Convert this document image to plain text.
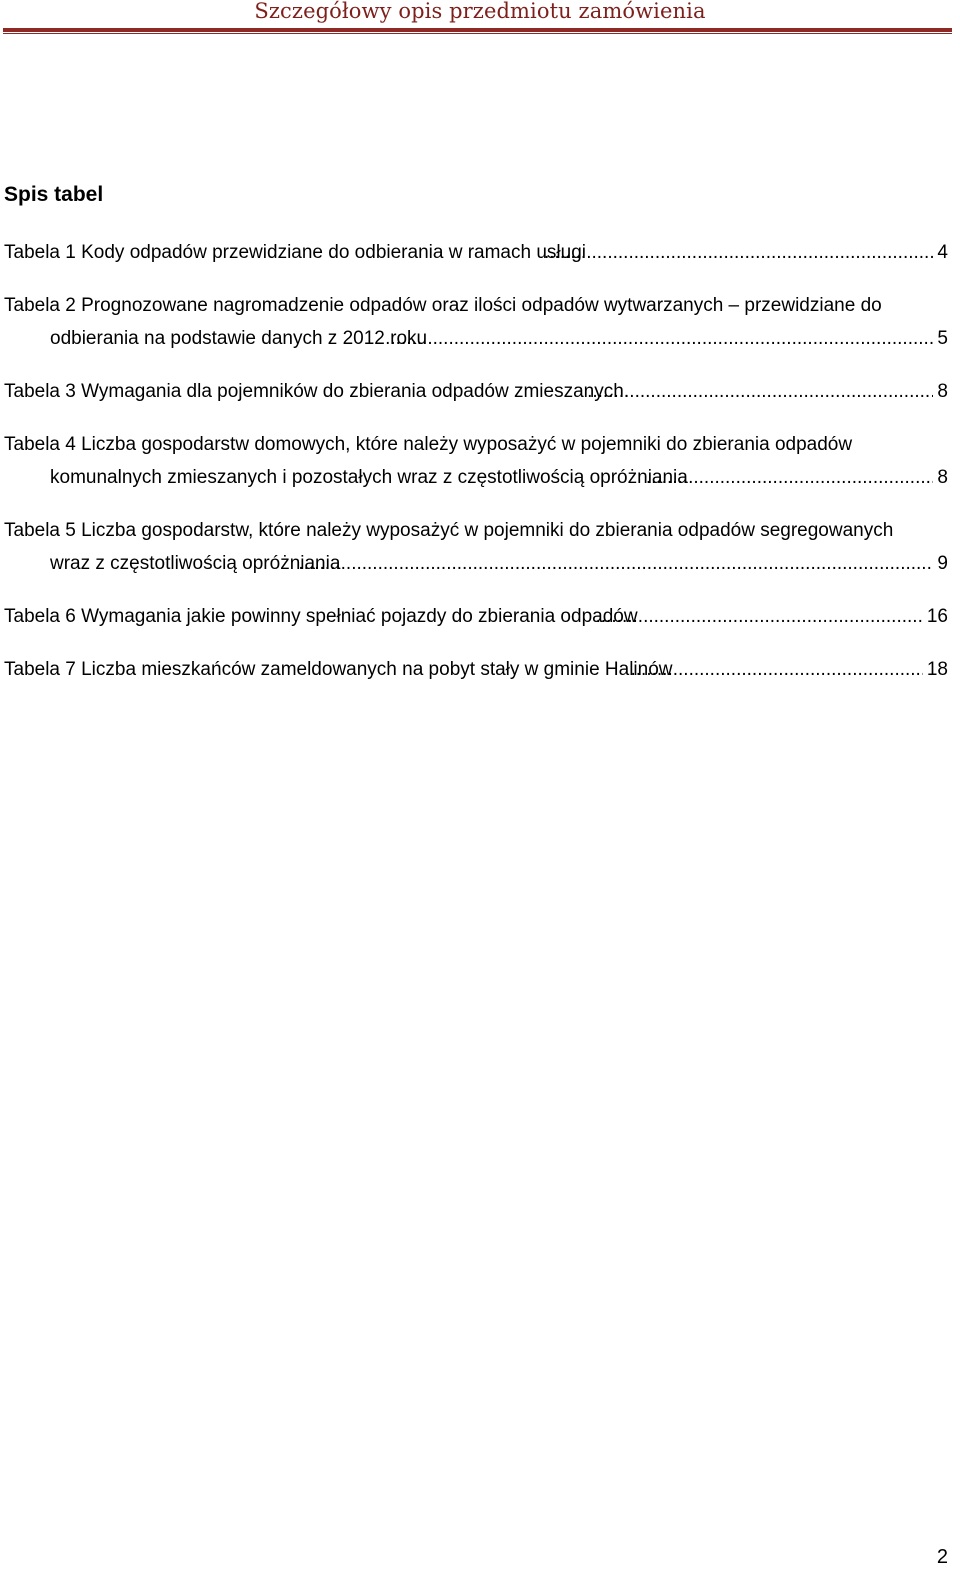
Szczegółowy opis przedmiotu zamówienia
Spis tabel
Tabela 1 Kody odpadów przewidziane do odbierania w ramach usługi	4
Tabela 2 Prognozowane nagromadzenie odpadów oraz ilości odpadów wytwarzanych – przewidziane do odbierania na podstawie danych z 2012 roku	5
Tabela 3 Wymagania dla pojemników do zbierania odpadów zmieszanych.	8
Tabela 4 Liczba gospodarstw domowych, które należy wyposażyć w pojemniki do zbierania odpadów komunalnych zmieszanych i pozostałych wraz z częstotliwością opróżniania	8
Tabela 5 Liczba gospodarstw, które należy wyposażyć w pojemniki do zbierania odpadów segregowanych wraz z częstotliwością opróżniania	9
Tabela 6 Wymagania jakie powinny spełniać pojazdy do zbierania odpadów	16
Tabela 7 Liczba mieszkańców zameldowanych na pobyt stały w gminie Halinów	18
2
